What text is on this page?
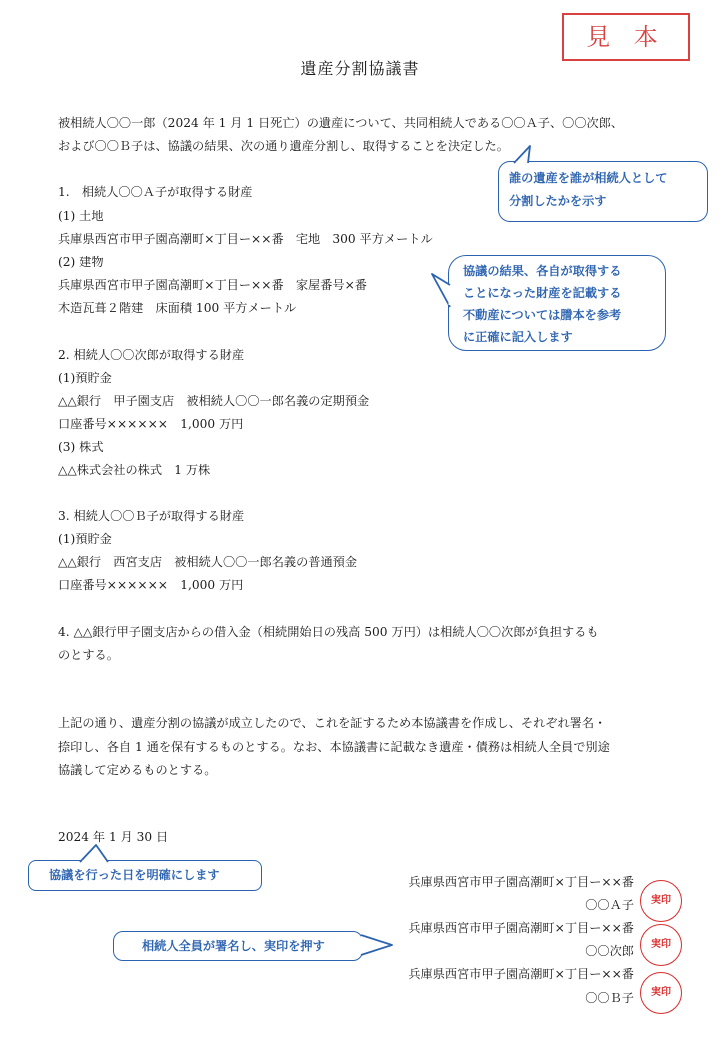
見 本
遺産分割協議書
被相続人〇〇一郎（2024 年 1 月 1 日死亡）の遺産について、共同相続人である〇〇Ａ子、〇〇次郎、
および〇〇Ｂ子は、協議の結果、次の通り遺産分割し、取得することを決定した。
1.　相続人〇〇Ａ子が取得する財産
(1) 土地
兵庫県西宮市甲子園高潮町×丁目ー××番　宅地　300 平方メートル
(2) 建物
兵庫県西宮市甲子園高潮町×丁目ー××番　家屋番号×番
木造瓦葺２階建　床面積 100 平方メートル
2. 相続人〇〇次郎が取得する財産
(1)預貯金
△△銀行　甲子園支店　被相続人〇〇一郎名義の定期預金
口座番号××××××　1,000 万円
(3) 株式
△△株式会社の株式　1 万株
3. 相続人〇〇Ｂ子が取得する財産
(1)預貯金
△△銀行　西宮支店　被相続人〇〇一郎名義の普通預金
口座番号××××××　1,000 万円
4. △△銀行甲子園支店からの借入金（相続開始日の残高 500 万円）は相続人〇〇次郎が負担するも
のとする。
上記の通り、遺産分割の協議が成立したので、これを証するため本協議書を作成し、それぞれ署名・
捺印し、各自 1 通を保有するものとする。なお、本協議書に記載なき遺産・債務は相続人全員で別途
協議して定めるものとする。
2024 年 1 月 30 日
兵庫県西宮市甲子園高潮町×丁目ー××番
〇〇Ａ子	実印
兵庫県西宮市甲子園高潮町×丁目ー××番
〇〇次郎	実印
兵庫県西宮市甲子園高潮町×丁目ー××番
〇〇Ｂ子	実印
誰の遺産を誰が相続人として
分割したかを示す
協議の結果、各自が取得する
ことになった財産を記載する
不動産については謄本を参考
に正確に記入します
協議を行った日を明確にします
相続人全員が署名し、実印を押す
